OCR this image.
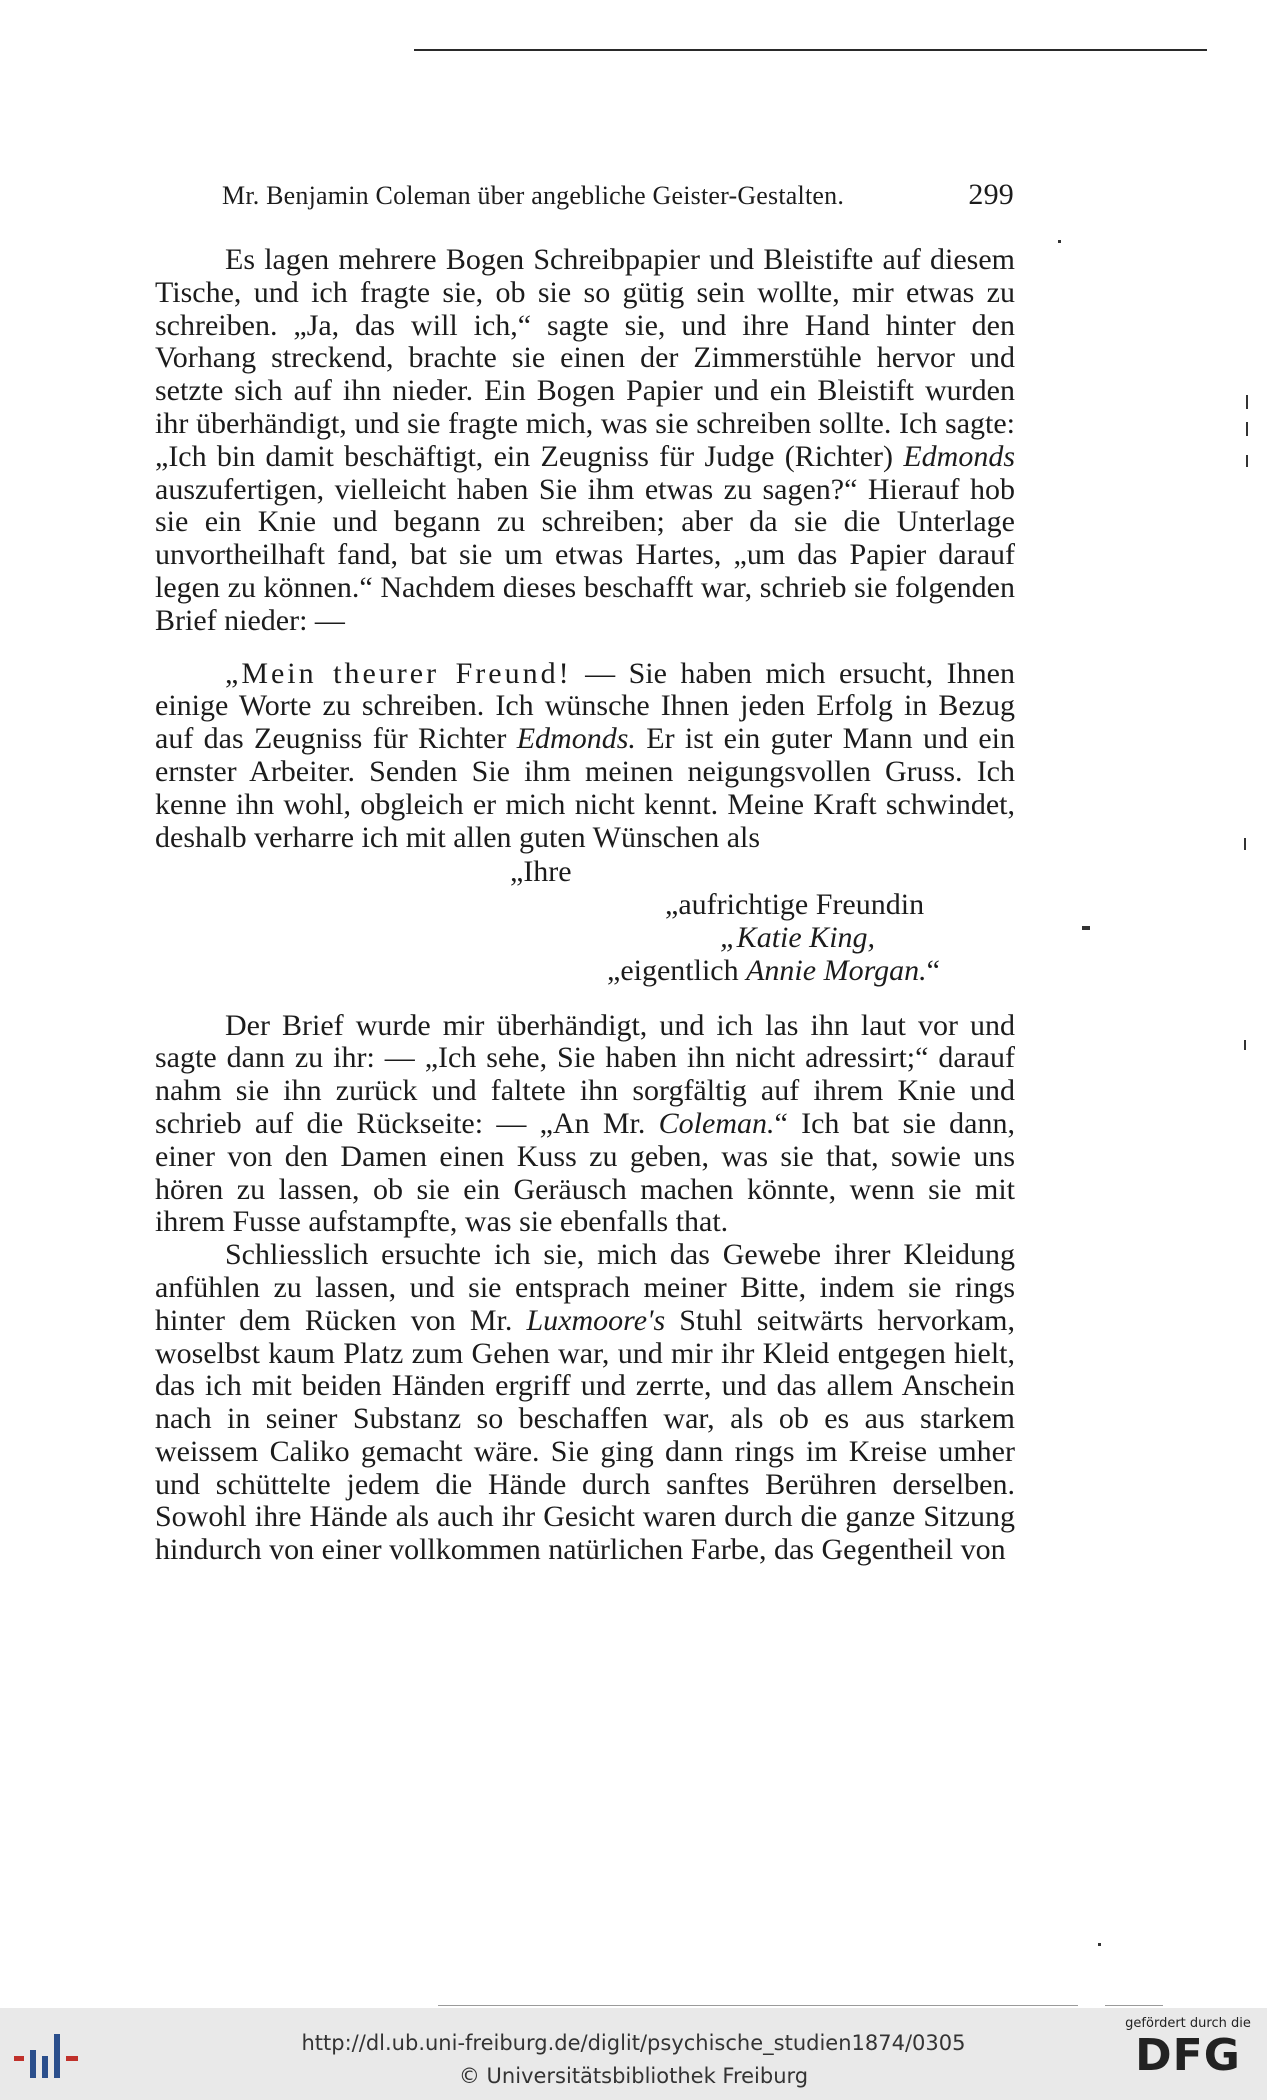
Mr. Benjamin Coleman über angebliche Geister-Gestalten.	299

Es lagen mehrere Bogen Schreibpapier und Bleistifte auf diesem Tische, und ich fragte sie, ob sie so gütig sein wollte, mir etwas zu schreiben. „Ja, das will ich,“ sagte sie, und ihre Hand hinter den Vorhang streckend, brachte sie einen der Zimmerstühle hervor und setzte sich auf ihn nieder. Ein Bogen Papier und ein Bleistift wurden ihr überhändigt, und sie fragte mich, was sie schreiben sollte. Ich sagte: „Ich bin damit beschäftigt, ein Zeugniss für Judge (Richter) Edmonds auszufertigen, vielleicht haben Sie ihm etwas zu sagen?“ Hierauf hob sie ein Knie und begann zu schreiben; aber da sie die Unterlage unvortheilhaft fand, bat sie um etwas Hartes, „um das Papier darauf legen zu können.“ Nachdem dieses beschafft war, schrieb sie folgenden Brief nieder: —

„Mein theurer Freund! — Sie haben mich ersucht, Ihnen einige Worte zu schreiben. Ich wünsche Ihnen jeden Erfolg in Bezug auf das Zeugniss für Richter Edmonds. Er ist ein guter Mann und ein ernster Arbeiter. Senden Sie ihm meinen neigungsvollen Gruss. Ich kenne ihn wohl, obgleich er mich nicht kennt. Meine Kraft schwindet, deshalb verharre ich mit allen guten Wünschen als

„Ihre

„aufrichtige Freundin

„Katie King,

„eigentlich Annie Morgan.“

Der Brief wurde mir überhändigt, und ich las ihn laut vor und sagte dann zu ihr: — „Ich sehe, Sie haben ihn nicht adressirt;“ darauf nahm sie ihn zurück und faltete ihn sorgfältig auf ihrem Knie und schrieb auf die Rückseite: — „An Mr. Coleman.“ Ich bat sie dann, einer von den Damen einen Kuss zu geben, was sie that, sowie uns hören zu lassen, ob sie ein Geräusch machen könnte, wenn sie mit ihrem Fusse aufstampfte, was sie ebenfalls that.

Schliesslich ersuchte ich sie, mich das Gewebe ihrer Kleidung anfühlen zu lassen, und sie entsprach meiner Bitte, indem sie rings hinter dem Rücken von Mr. Luxmoore's Stuhl seitwärts hervorkam, woselbst kaum Platz zum Gehen war, und mir ihr Kleid entgegen hielt, das ich mit beiden Händen ergriff und zerrte, und das allem Anschein nach in seiner Substanz so beschaffen war, als ob es aus starkem weissem Caliko gemacht wäre. Sie ging dann rings im Kreise umher und schüttelte jedem die Hände durch sanftes Berühren derselben. Sowohl ihre Hände als auch ihr Gesicht waren durch die ganze Sitzung hindurch von einer vollkommen natürlichen Farbe, das Gegentheil von

http://dl.ub.uni-freiburg.de/diglit/psychische_studien1874/0305
© Universitätsbibliothek Freiburg
gefördert durch die
DFG
